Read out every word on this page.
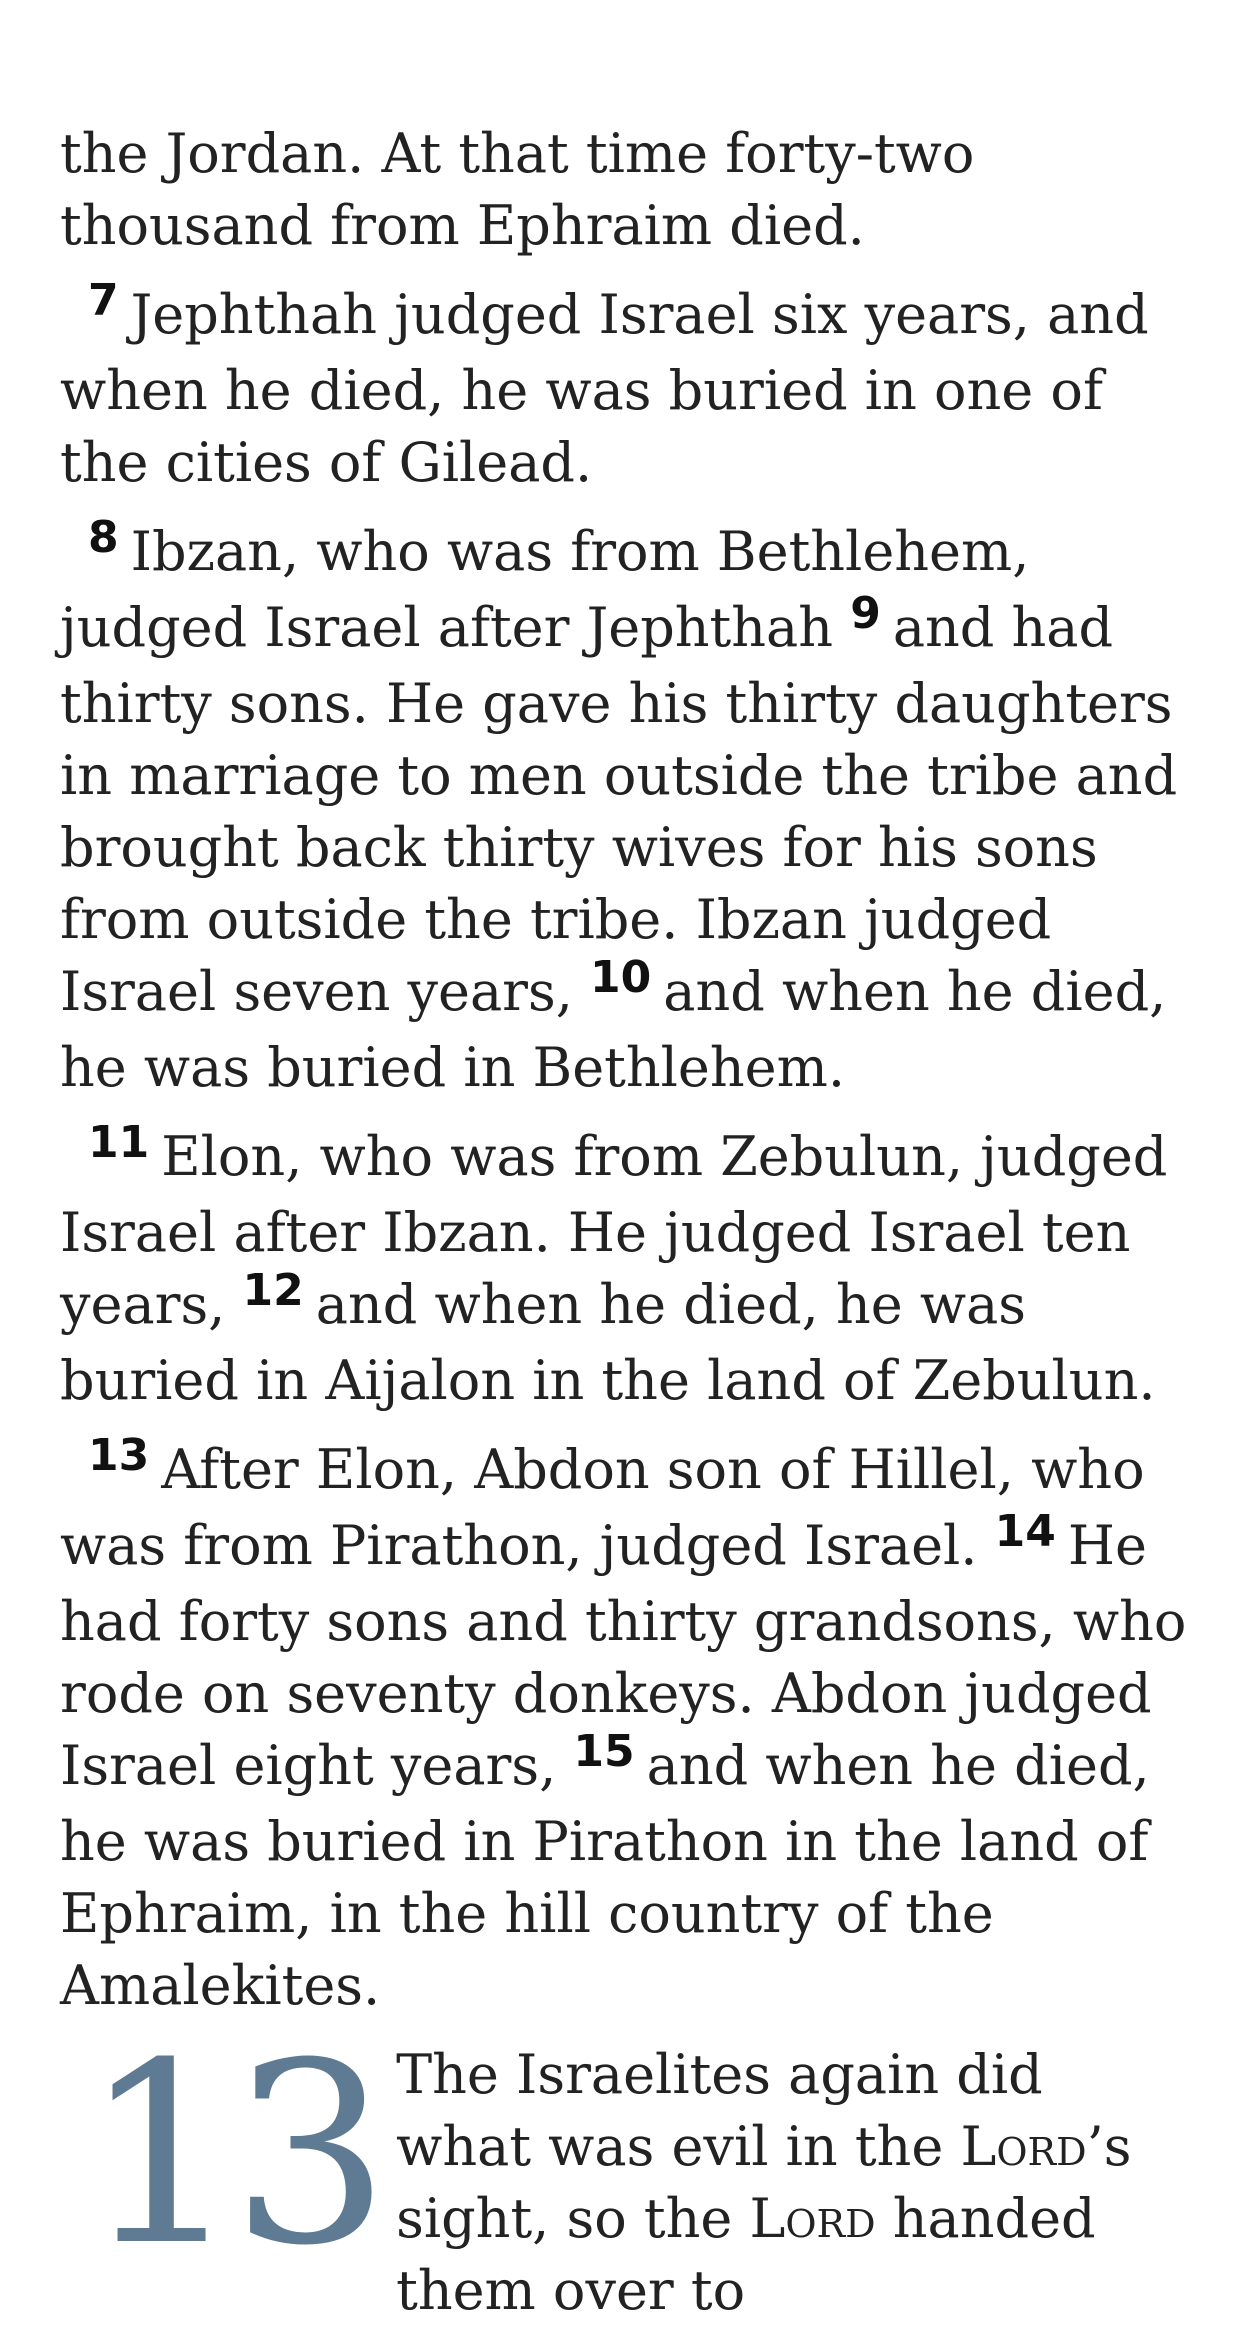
the Jordan. At that time forty-two thousand from Ephraim died.

$^7$ Jephthah judged Israel six years, and when he died, he was buried in one of the cities of Gilead.

$^8$ Ibzan, who was from Bethlehem, judged Israel after Jephthah $^9$ and had thirty sons. He gave his thirty daughters in marriage to men outside the tribe and brought back thirty wives for his sons from outside the tribe. Ibzan judged Israel seven years, $^{10}$ and when he died, he was buried in Bethlehem.

$^{11}$ Elon, who was from Zebulun, judged Israel after Ibzan. He judged Israel ten years, $^{12}$ and when he died, he was buried in Aijalon in the land of Zebulun.

$^{13}$ After Elon, Abdon son of Hillel, who was from Pirathon, judged Israel. $^{14}$ He had forty sons and thirty grandsons, who rode on seventy donkeys. Abdon judged Israel eight years, $^{15}$ and when he died, he was buried in Pirathon in the land of Ephraim, in the hill country of the Amalekites.

13 The Israelites again did what was evil in the Lord’s sight, so the Lord handed them over to
